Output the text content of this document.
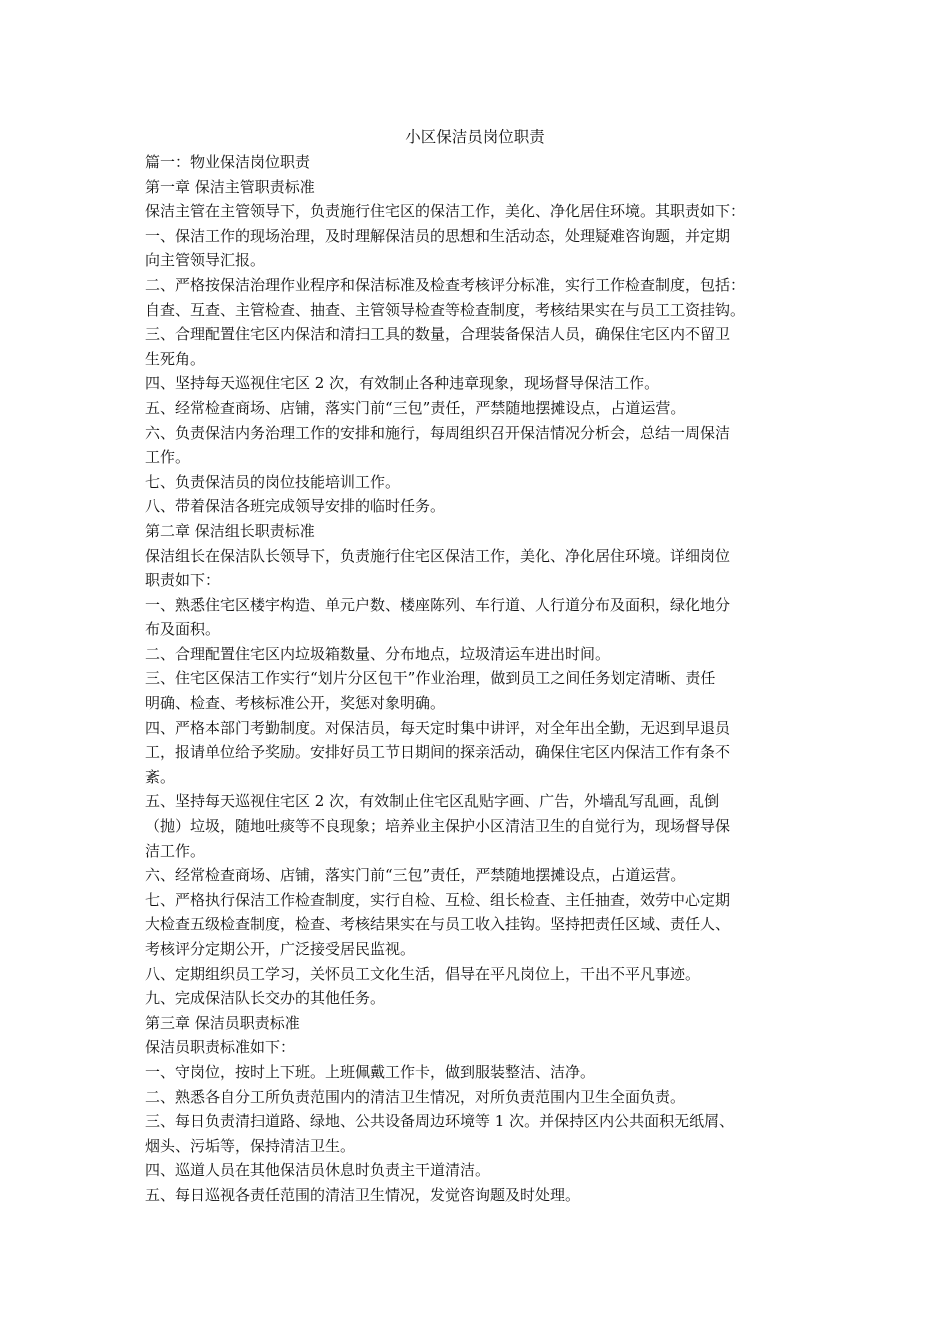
小区保洁员岗位职责
篇一：物业保洁岗位职责
第一章 保洁主管职责标准
保洁主管在主管领导下，负责施行住宅区的保洁工作，美化、净化居住环境。其职责如下：
一、保洁工作的现场治理，及时理解保洁员的思想和生活动态，处理疑难咨询题，并定期
向主管领导汇报。
二、严格按保洁治理作业程序和保洁标准及检查考核评分标准，实行工作检查制度，包括：
自查、互查、主管检查、抽查、主管领导检查等检查制度，考核结果实在与员工工资挂钩。
三、合理配置住宅区内保洁和清扫工具的数量，合理装备保洁人员，确保住宅区内不留卫
生死角。
四、坚持每天巡视住宅区 2 次，有效制止各种违章现象，现场督导保洁工作。
五、经常检查商场、店铺，落实门前“三包”责任，严禁随地摆摊设点，占道运营。
六、负责保洁内务治理工作的安排和施行，每周组织召开保洁情况分析会，总结一周保洁
工作。
七、负责保洁员的岗位技能培训工作。
八、带着保洁各班完成领导安排的临时任务。
第二章 保洁组长职责标准
保洁组长在保洁队长领导下，负责施行住宅区保洁工作，美化、净化居住环境。详细岗位
职责如下：
一、熟悉住宅区楼宇构造、单元户数、楼座陈列、车行道、人行道分布及面积，绿化地分
布及面积。
二、合理配置住宅区内垃圾箱数量、分布地点，垃圾清运车进出时间。
三、住宅区保洁工作实行“划片分区包干”作业治理，做到员工之间任务划定清晰、责任
明确、检查、考核标准公开，奖惩对象明确。
四、严格本部门考勤制度。对保洁员，每天定时集中讲评，对全年出全勤，无迟到早退员
工，报请单位给予奖励。安排好员工节日期间的探亲活动，确保住宅区内保洁工作有条不
紊。
五、坚持每天巡视住宅区 2 次，有效制止住宅区乱贴字画、广告，外墙乱写乱画，乱倒
（抛）垃圾，随地吐痰等不良现象；培养业主保护小区清洁卫生的自觉行为，现场督导保
洁工作。
六、经常检查商场、店铺，落实门前“三包”责任，严禁随地摆摊设点，占道运营。
七、严格执行保洁工作检查制度，实行自检、互检、组长检查、主任抽查，效劳中心定期
大检查五级检查制度，检查、考核结果实在与员工收入挂钩。坚持把责任区域、责任人、
考核评分定期公开，广泛接受居民监视。
八、定期组织员工学习，关怀员工文化生活，倡导在平凡岗位上，干出不平凡事迹。
九、完成保洁队长交办的其他任务。
第三章 保洁员职责标准
保洁员职责标准如下：
一、守岗位，按时上下班。上班佩戴工作卡，做到服装整洁、洁净。
二、熟悉各自分工所负责范围内的清洁卫生情况，对所负责范围内卫生全面负责。
三、每日负责清扫道路、绿地、公共设备周边环境等 1 次。并保持区内公共面积无纸屑、
烟头、污垢等，保持清洁卫生。
四、巡道人员在其他保洁员休息时负责主干道清洁。
五、每日巡视各责任范围的清洁卫生情况，发觉咨询题及时处理。
